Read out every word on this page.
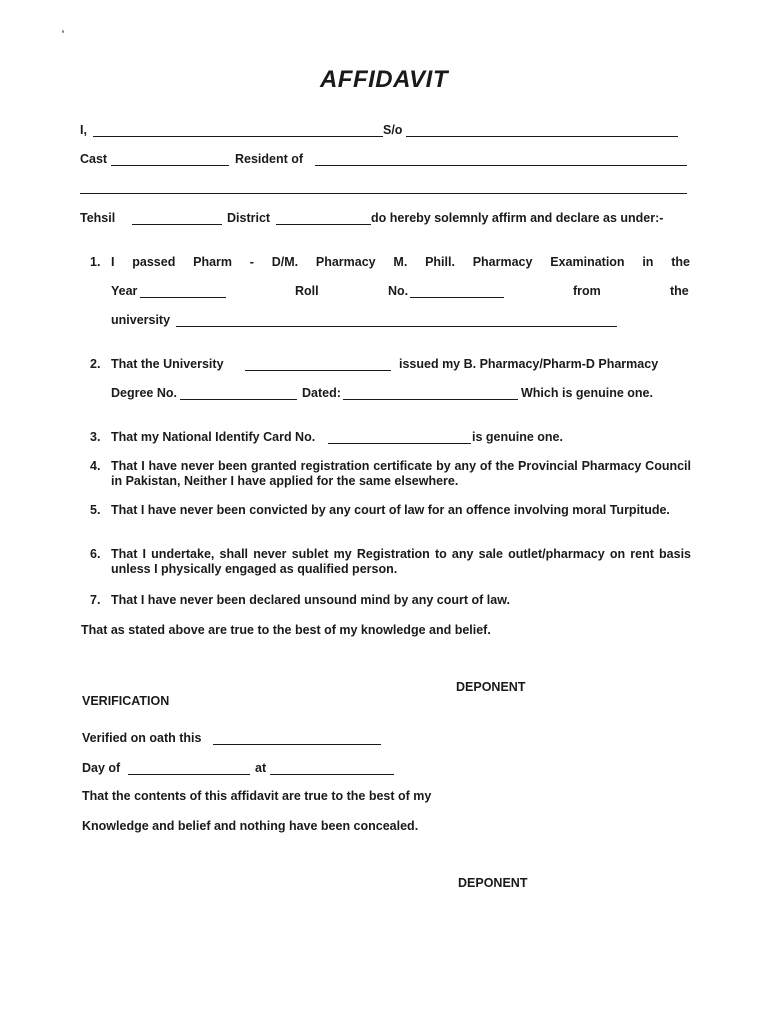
AFFIDAVIT
I,	S/o
Cast	Resident of
Tehsil	District	do hereby solemnly affirm and declare as under:-
1. I passed Pharm - D/M. Pharmacy M. Phill. Pharmacy Examination in the
Year	Roll	No.	from	the
university
2. That the University	issued my B. Pharmacy/Pharm-D Pharmacy
Degree No.	Dated:	Which is genuine one.
3. That my National Identify Card No.	is genuine one.
4. That I have never been granted registration certificate by any of the Provincial Pharmacy Council in Pakistan, Neither I have applied for the same elsewhere.
5. That I have never been convicted by any court of law for an offence involving moral Turpitude.
6. That I undertake, shall never sublet my Registration to any sale outlet/pharmacy on rent basis unless I physically engaged as qualified person.
7. That I have never been declared unsound mind by any court of law.
That as stated above are true to the best of my knowledge and belief.
DEPONENT
VERIFICATION
Verified on oath this
Day of	at
That the contents of this affidavit are true to the best of my
Knowledge and belief and nothing have been concealed.
DEPONENT
